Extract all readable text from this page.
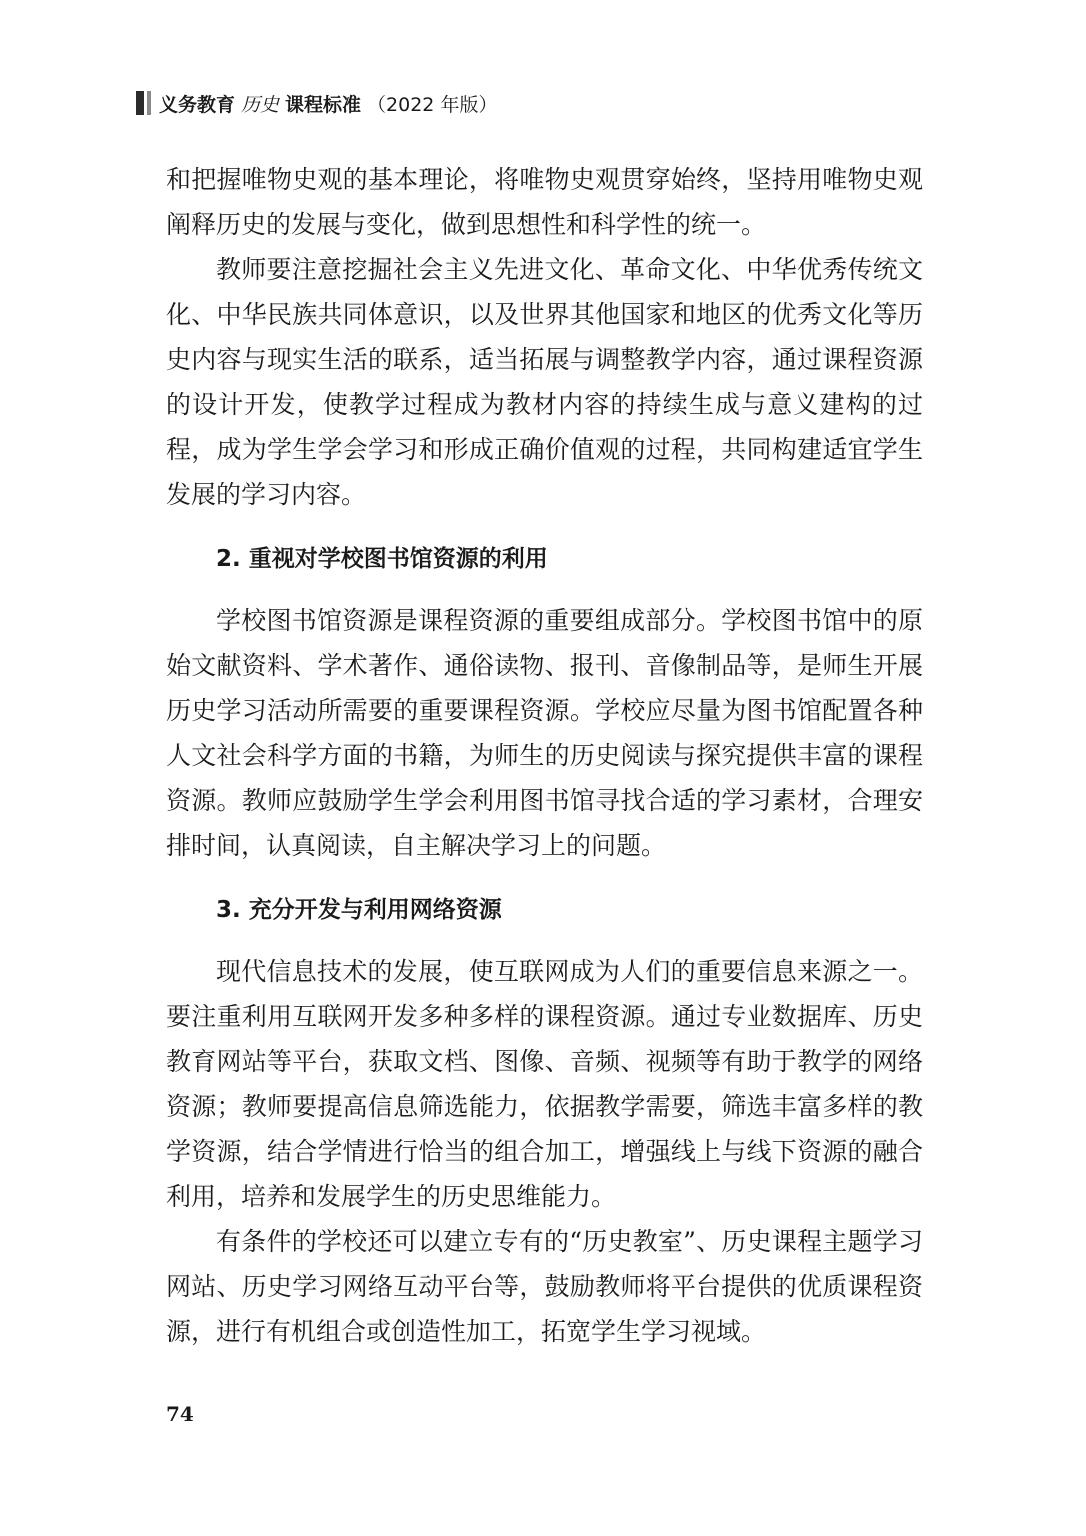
义务教育 历史 课程标准 （2022 年版）

和把握唯物史观的基本理论，将唯物史观贯穿始终，坚持用唯物史观阐释历史的发展与变化，做到思想性和科学性的统一。

教师要注意挖掘社会主义先进文化、革命文化、中华优秀传统文化、中华民族共同体意识，以及世界其他国家和地区的优秀文化等历史内容与现实生活的联系，适当拓展与调整教学内容，通过课程资源的设计开发，使教学过程成为教材内容的持续生成与意义建构的过程，成为学生学会学习和形成正确价值观的过程，共同构建适宜学生发展的学习内容。

2. 重视对学校图书馆资源的利用

学校图书馆资源是课程资源的重要组成部分。学校图书馆中的原始文献资料、学术著作、通俗读物、报刊、音像制品等，是师生开展历史学习活动所需要的重要课程资源。学校应尽量为图书馆配置各种人文社会科学方面的书籍，为师生的历史阅读与探究提供丰富的课程资源。教师应鼓励学生学会利用图书馆寻找合适的学习素材，合理安排时间，认真阅读，自主解决学习上的问题。

3. 充分开发与利用网络资源

现代信息技术的发展，使互联网成为人们的重要信息来源之一。要注重利用互联网开发多种多样的课程资源。通过专业数据库、历史教育网站等平台，获取文档、图像、音频、视频等有助于教学的网络资源；教师要提高信息筛选能力，依据教学需要，筛选丰富多样的教学资源，结合学情进行恰当的组合加工，增强线上与线下资源的融合利用，培养和发展学生的历史思维能力。

有条件的学校还可以建立专有的“历史教室”、历史课程主题学习网站、历史学习网络互动平台等，鼓励教师将平台提供的优质课程资源，进行有机组合或创造性加工，拓宽学生学习视域。

74
